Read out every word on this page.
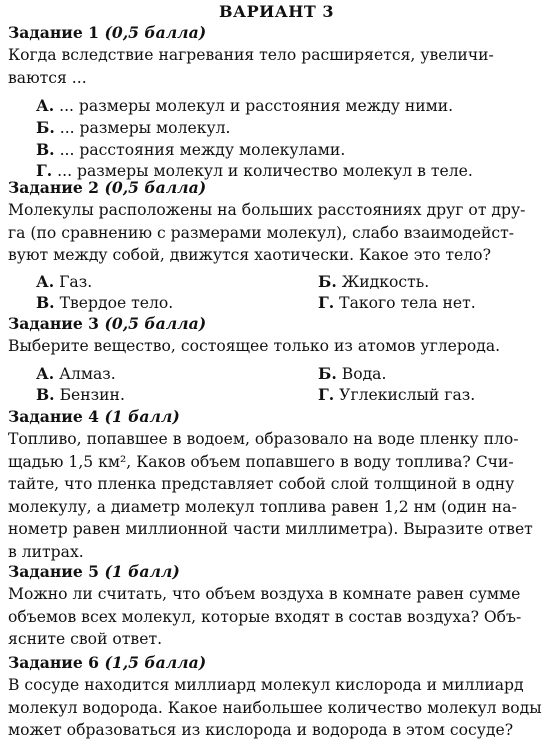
ВАРИАНТ 3
Задание 1 (0,5 балла)
Когда вследствие нагревания тело расширяется, увеличи-
ваются ...
А. ... размеры молекул и расстояния между ними.
Б. ... размеры молекул.
В. ... расстояния между молекулами.
Г. ... размеры молекул и количество молекул в теле.
Задание 2 (0,5 балла)
Молекулы расположены на больших расстояниях друг от дру-
га (по сравнению с размерами молекул), слабо взаимодейст-
вуют между собой, движутся хаотически. Какое это тело?
А. Газ.	Б. Жидкость.
В. Твердое тело.	Г. Такого тела нет.
Задание 3 (0,5 балла)
Выберите вещество, состоящее только из атомов углерода.
А. Алмаз.	Б. Вода.
В. Бензин.	Г. Углекислый газ.
Задание 4 (1 балл)
Топливо, попавшее в водоем, образовало на воде пленку пло-
щадью 1,5 км², Каков объем попавшего в воду топлива? Счи-
тайте, что пленка представляет собой слой толщиной в одну
молекулу, а диаметр молекул топлива равен 1,2 нм (один на-
нометр равен миллионной части миллиметра). Выразите ответ
в литрах.
Задание 5 (1 балл)
Можно ли считать, что объем воздуха в комнате равен сумме
объемов всех молекул, которые входят в состав воздуха? Объ-
ясните свой ответ.
Задание 6 (1,5 балла)
В сосуде находится миллиард молекул кислорода и миллиард
молекул водорода. Какое наибольшее количество молекул воды
может образоваться из кислорода и водорода в этом сосуде?
